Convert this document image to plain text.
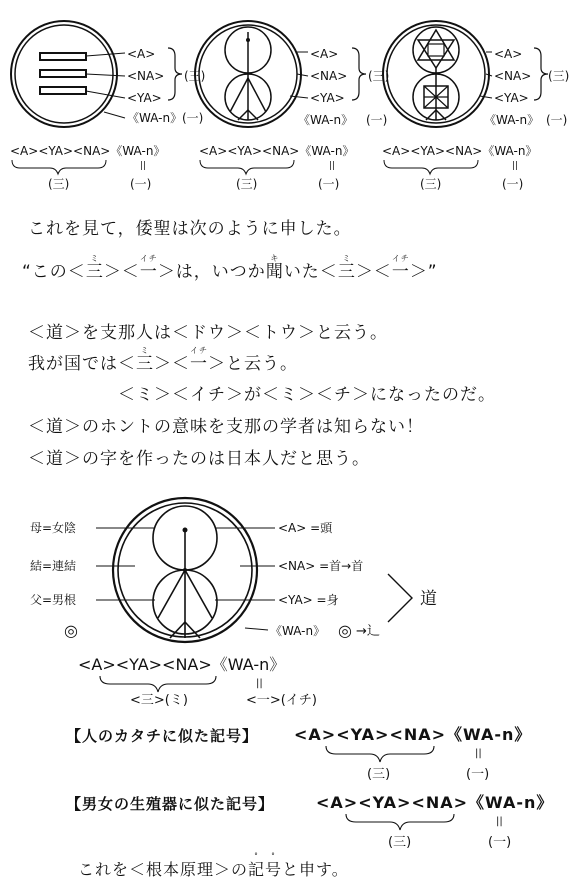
<A>
<NA>
<YA>
《WA-n》
(三)
(一)
<A>
<NA>
<YA>
《WA-n》
(三)
(一)
<A>
<NA>
<YA>
《WA-n》
(三)
(一)
<A><YA><NA>《WA-n》	<A><YA><NA>《WA-n》 <A><YA><NA>《WA-n》
||	||	||
(三)	(一)	(三)	(一)	(三)	(一)
これを見て，倭聖は次のように申した。
“この＜三ミ＞＜一イチ＞は，いつか聞キいた＜三ミ＞＜一イチ＞”
＜道＞を支那人は＜ドウ＞＜トウ＞と云う。
我が国では＜三ミ＞＜一イチ＞と云う。
＜ミ＞＜イチ＞が＜ミ＞＜チ＞になったのだ。
＜道＞のホントの意味を支那の学者は知らない！
＜道＞の字を作ったのは日本人だと思う。
母=女陰
結=連結
父=男根
<A> =頭
<NA> =首→首
<YA> =身
《WA-n》
◎	◎ →辶
道
<A><YA><NA>《WA-n》
||
<三>(ミ)	<一>(イチ)
【人のカタチに似た記号】 <A><YA><NA>《WA-n》
||
(三)	(一)
【男女の生殖器に似た記号】	<A><YA><NA>《WA-n》
||
(三)	(一)
これを＜根本原理＞の記°号°と申す。
